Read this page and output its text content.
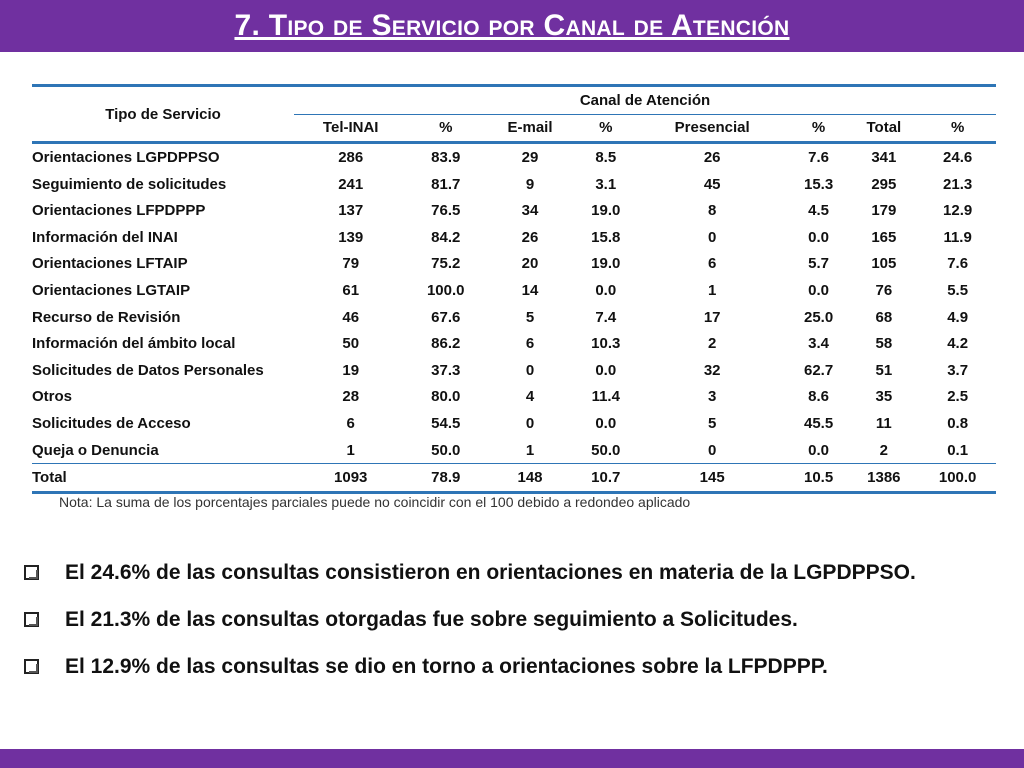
7. Tipo de Servicio por Canal de Atención
Tipo de Servicio	Canal de Atención							
	Tel-INAI	%	E-mail	%	Presencial	%	Total	%
Orientaciones LGPDPPSO	286	83.9	29	8.5	26	7.6	341	24.6
Seguimiento de solicitudes	241	81.7	9	3.1	45	15.3	295	21.3
Orientaciones LFPDPPP	137	76.5	34	19.0	8	4.5	179	12.9
Información del INAI	139	84.2	26	15.8	0	0.0	165	11.9
Orientaciones LFTAIP	79	75.2	20	19.0	6	5.7	105	7.6
Orientaciones LGTAIP	61	100.0	14	0.0	1	0.0	76	5.5
Recurso de Revisión	46	67.6	5	7.4	17	25.0	68	4.9
Información del ámbito local	50	86.2	6	10.3	2	3.4	58	4.2
Solicitudes de Datos Personales	19	37.3	0	0.0	32	62.7	51	3.7
Otros	28	80.0	4	11.4	3	8.6	35	2.5
Solicitudes de Acceso	6	54.5	0	0.0	5	45.5	11	0.8
Queja o Denuncia	1	50.0	1	50.0	0	0.0	2	0.1
Total	1093	78.9	148	10.7	145	10.5	1386	100.0
Nota: La suma de los porcentajes parciales puede no coincidir con el 100 debido a redondeo aplicado
El 24.6% de las consultas consistieron en orientaciones en materia de la LGPDPPSO.
El 21.3% de las consultas otorgadas fue sobre seguimiento a Solicitudes.
El 12.9% de las consultas se dio en torno a orientaciones sobre la LFPDPPP.
